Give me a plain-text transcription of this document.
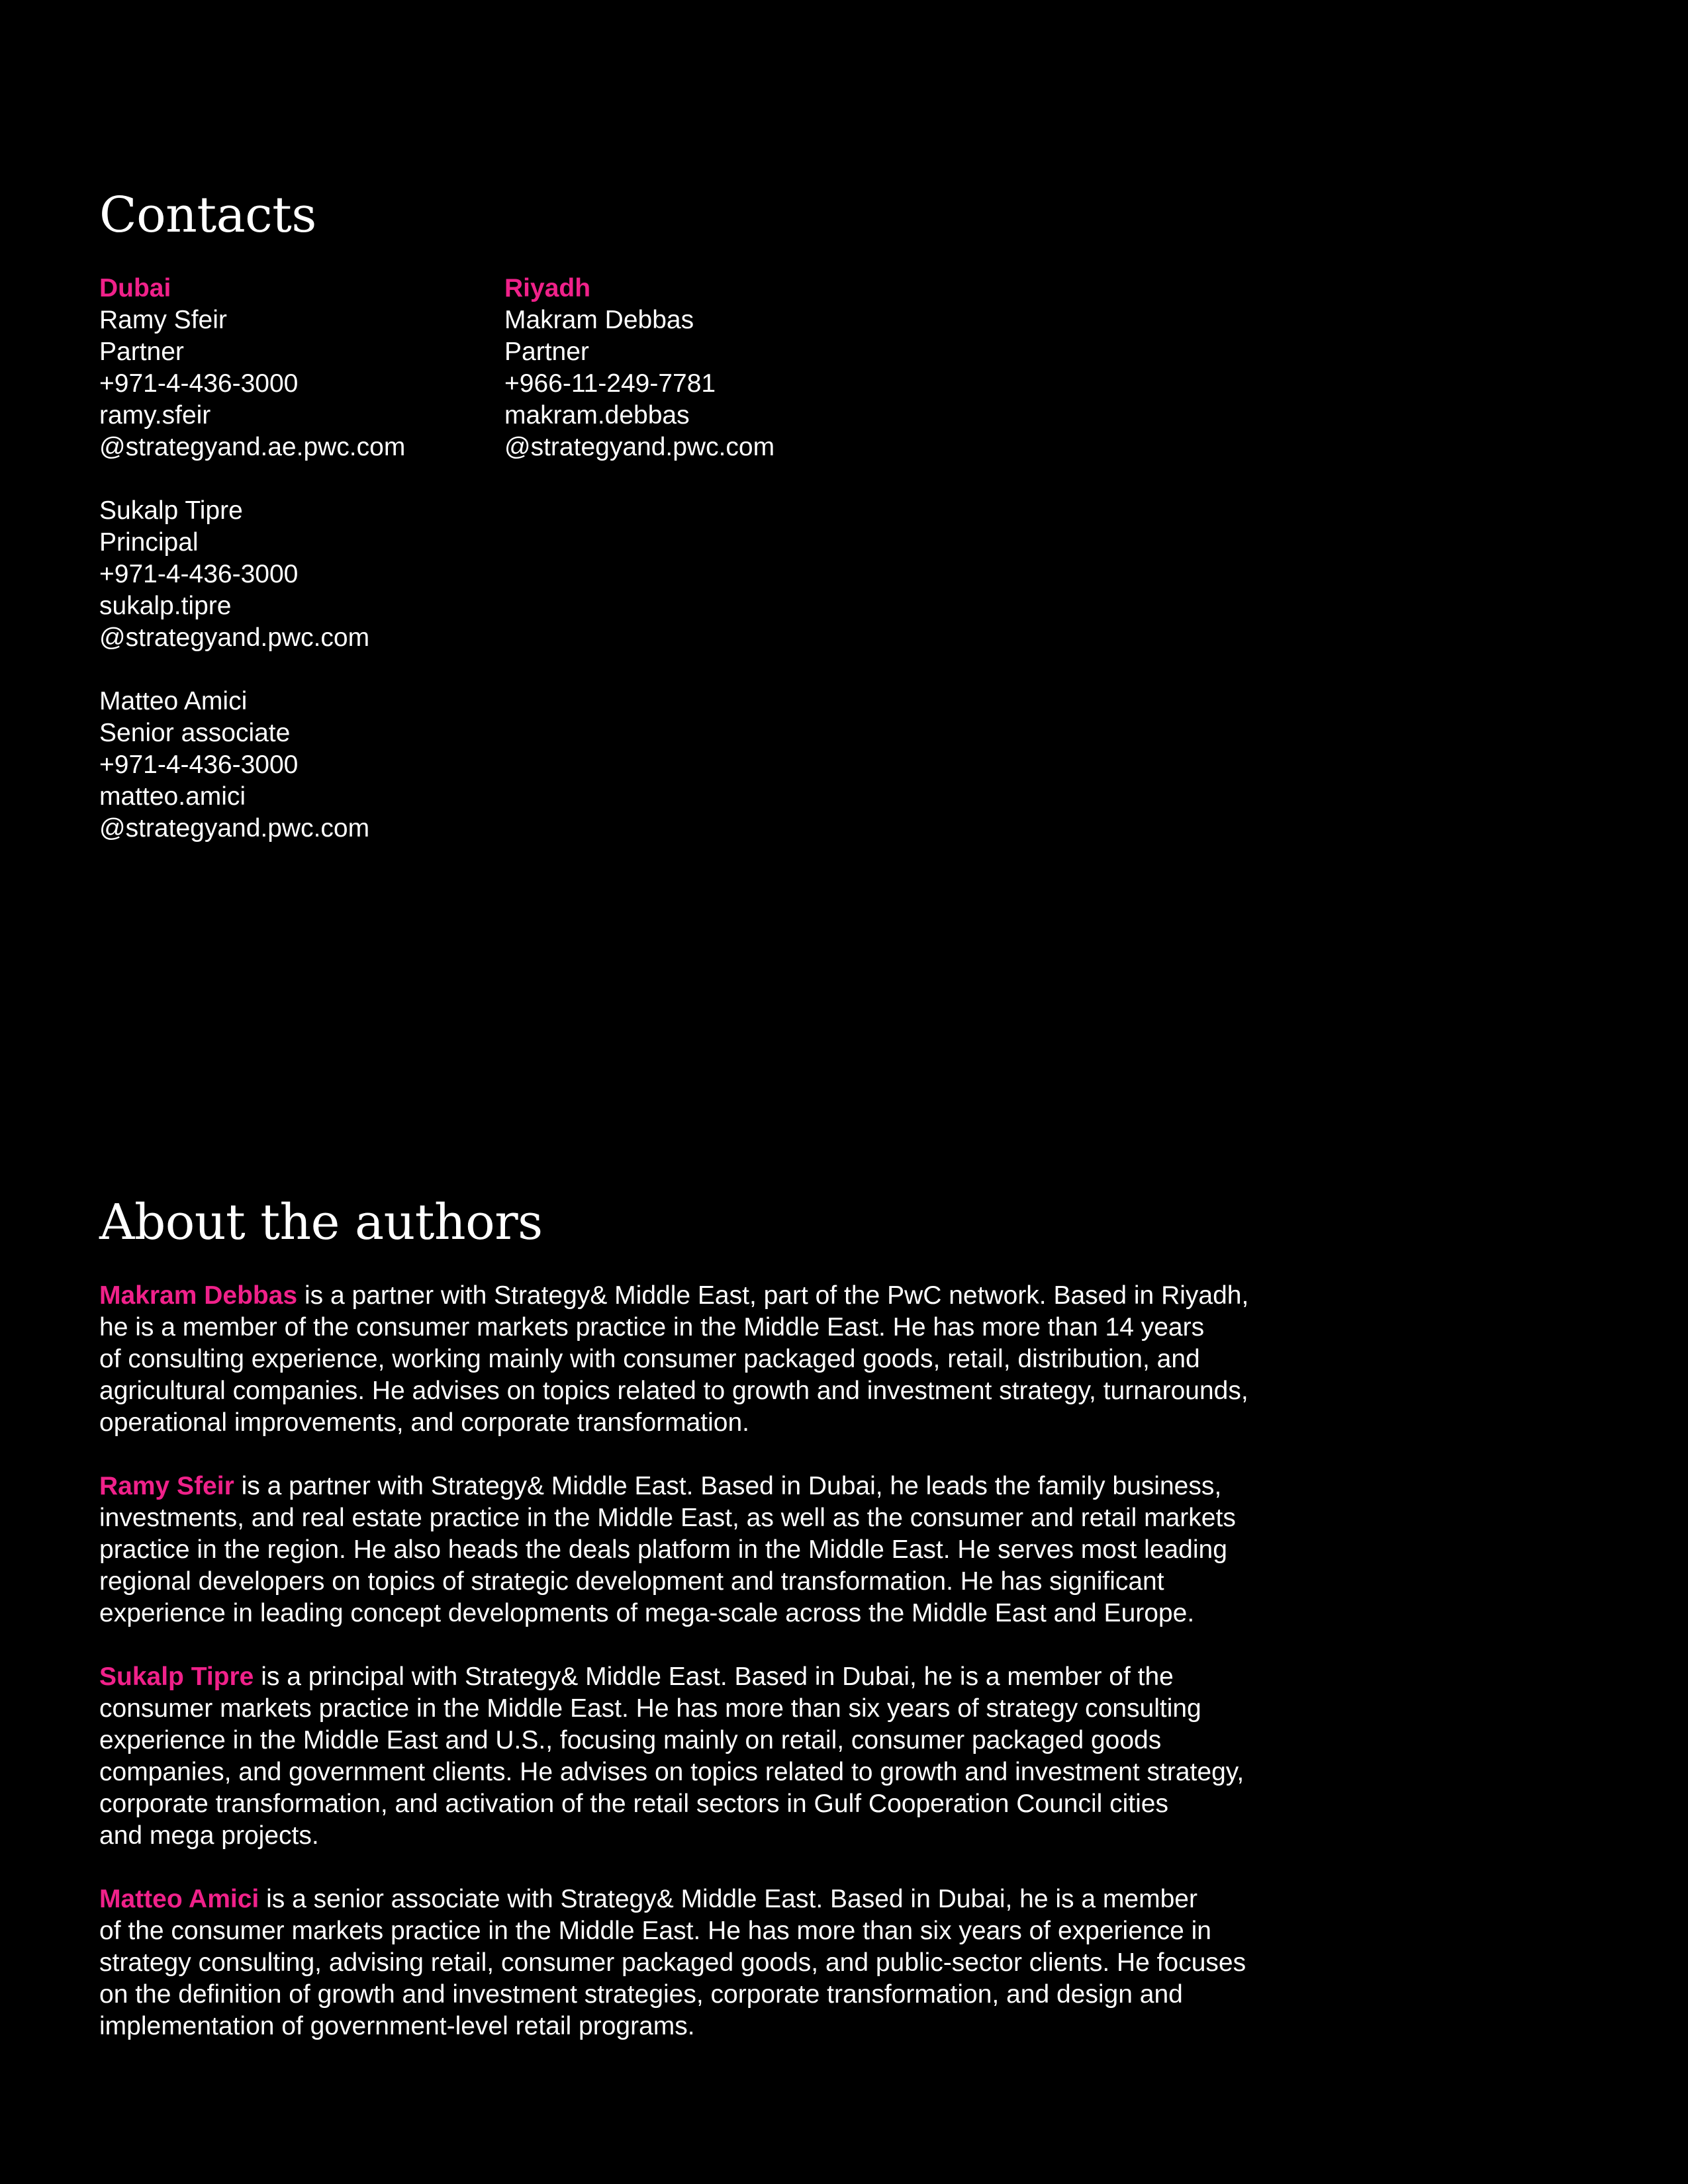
Contacts
Dubai
Ramy Sfeir
Partner
+971-4-436-3000
ramy.sfeir
@strategyand.ae.pwc.com
Sukalp Tipre
Principal
+971-4-436-3000
sukalp.tipre
@strategyand.pwc.com
Matteo Amici
Senior associate
+971-4-436-3000
matteo.amici
@strategyand.pwc.com
Riyadh
Makram Debbas
Partner
+966-11-249-7781
makram.debbas
@strategyand.pwc.com
About the authors

Makram Debbas is a partner with Strategy& Middle East, part of the PwC network. Based in Riyadh,
he is a member of the consumer markets practice in the Middle East. He has more than 14 years
of consulting experience, working mainly with consumer packaged goods, retail, distribution, and
agricultural companies. He advises on topics related to growth and investment strategy, turnarounds,
operational improvements, and corporate transformation.

Ramy Sfeir is a partner with Strategy& Middle East. Based in Dubai, he leads the family business,
investments, and real estate practice in the Middle East, as well as the consumer and retail markets
practice in the region. He also heads the deals platform in the Middle East. He serves most leading
regional developers on topics of strategic development and transformation. He has significant
experience in leading concept developments of mega-scale across the Middle East and Europe.

Sukalp Tipre is a principal with Strategy& Middle East. Based in Dubai, he is a member of the
consumer markets practice in the Middle East. He has more than six years of strategy consulting
experience in the Middle East and U.S., focusing mainly on retail, consumer packaged goods
companies, and government clients. He advises on topics related to growth and investment strategy,
corporate transformation, and activation of the retail sectors in Gulf Cooperation Council cities
and mega projects.

Matteo Amici is a senior associate with Strategy& Middle East. Based in Dubai, he is a member
of the consumer markets practice in the Middle East. He has more than six years of experience in
strategy consulting, advising retail, consumer packaged goods, and public-sector clients. He focuses
on the definition of growth and investment strategies, corporate transformation, and design and
implementation of government-level retail programs.
